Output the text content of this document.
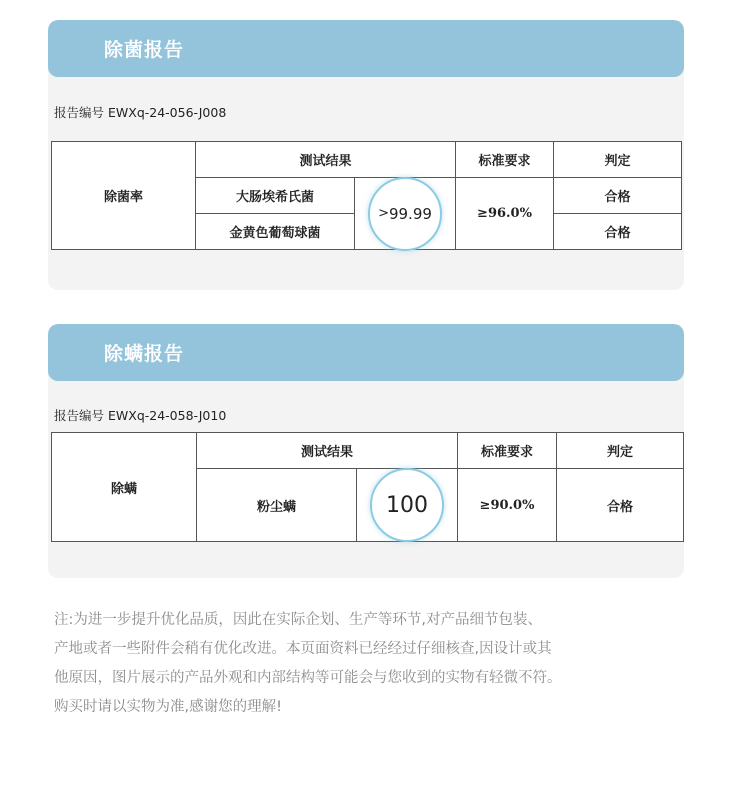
除菌报告
报告编号 EWXq-24-056-J008
除菌率	测试结果		标准要求	判定
	大肠埃希氏菌	> 99.99	≥96.0%	合格
	金黄色葡萄球菌			合格
除螨报告
报告编号 EWXq-24-058-J010
除螨	测试结果		标准要求	判定
	粉尘螨	100	≥90.0%	合格
注:为进一步提升优化品质，因此在实际企划、生产等环节,对产品细节包装、
产地或者一些附件会稍有优化改进。本页面资料已经经过仔细核查,因设计或其
他原因，图片展示的产品外观和内部结构等可能会与您收到的实物有轻微不符。
购买时请以实物为准,感谢您的理解!
